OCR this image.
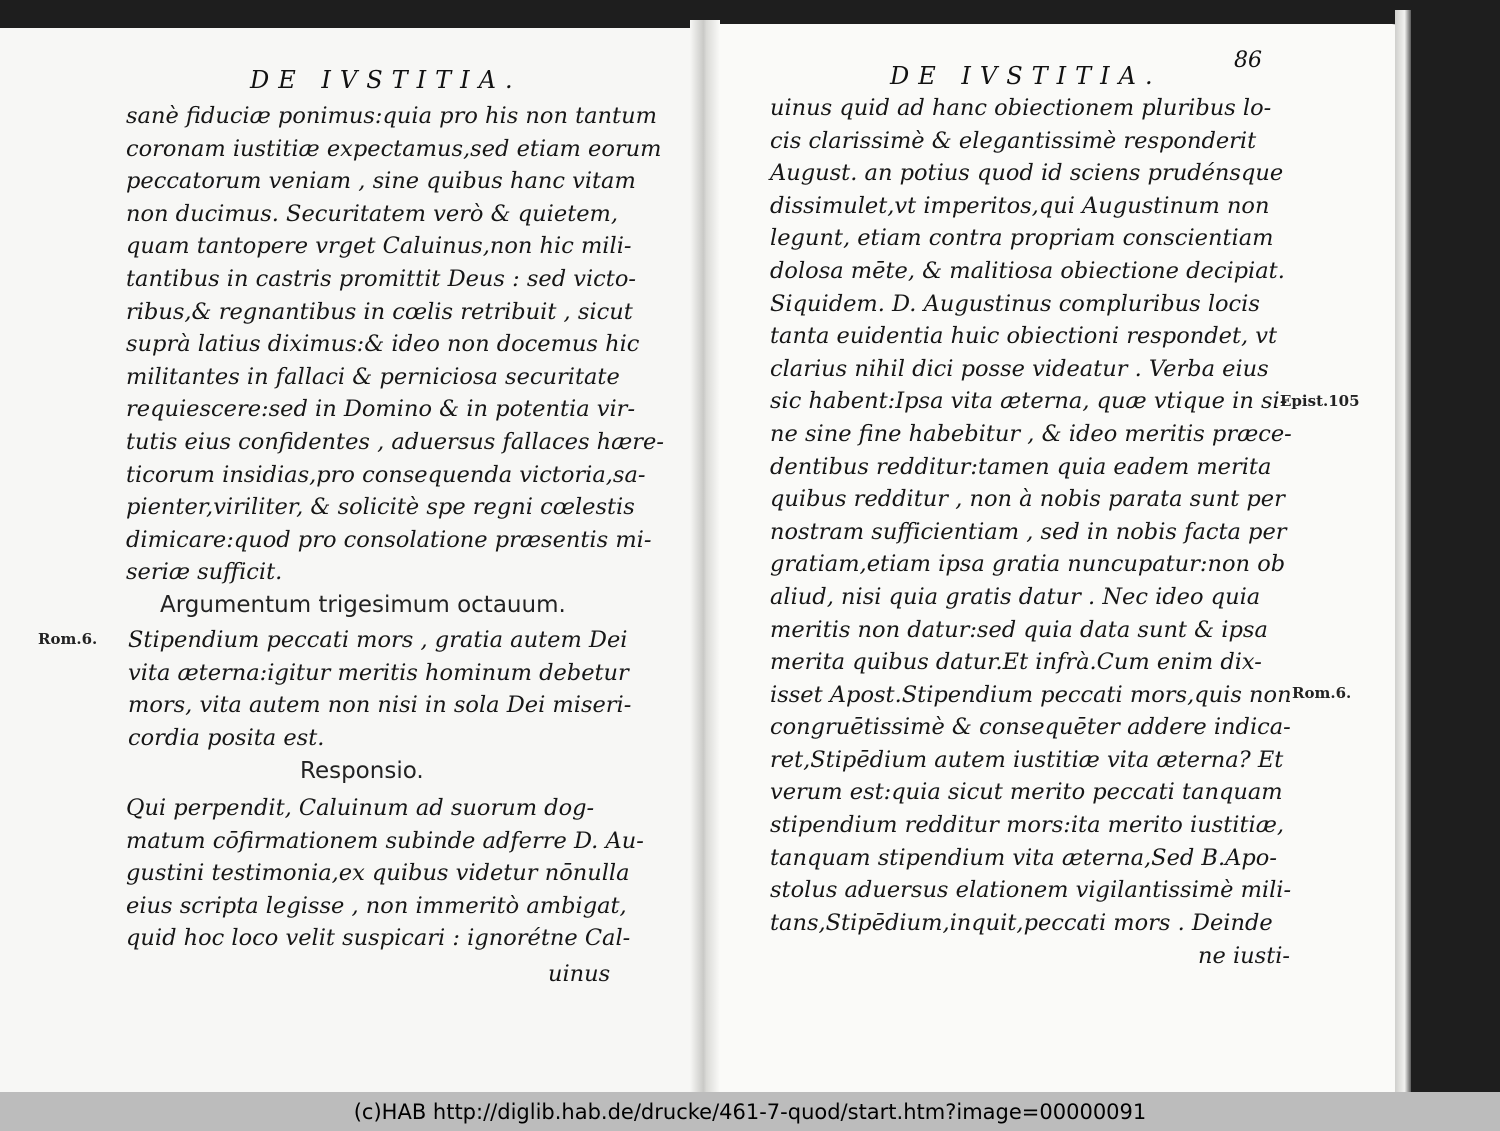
DE IVSTITIA.
sanè fiduciæ ponimus:quia pro his non tantum
coronam iustitiæ expectamus,sed etiam eorum
peccatorum veniam , sine quibus hanc vitam
non ducimus. Securitatem verò & quietem,
quam tantopere vrget Caluinus,non hic mili-
tantibus in castris promittit Deus : sed victo-
ribus,& regnantibus in cœlis retribuit , sicut
suprà latius diximus:& ideo non docemus hic
militantes in fallaci & perniciosa securitate
requiescere:sed in Domino & in potentia vir-
tutis eius confidentes , aduersus fallaces hære-
ticorum insidias,pro consequenda victoria,sa-
pienter,viriliter, & solicitè spe regni cœlestis
dimicare:quod pro consolatione præsentis mi-
seriæ sufficit.
Argumentum trigesimum octauum.
Rom.6. Stipendium peccati mors , gratia autem Dei
vita æterna:igitur meritis hominum debetur
mors, vita autem non nisi in sola Dei miseri-
cordia posita est.
Responsio.
Qui perpendit, Caluinum ad suorum dog-
matum cōfirmationem subinde adferre D. Au-
gustini testimonia,ex quibus videtur nōnulla
eius scripta legisse , non immeritò ambigat,
quid hoc loco velit suspicari : ignorétne Cal-
uinus
DE IVSTITIA.
86
uinus quid ad hanc obiectionem pluribus lo-
cis clarissimè & elegantissimè responderit
August. an potius quod id sciens prudénsque
dissimulet,vt imperitos,qui Augustinum non
legunt, etiam contra propriam conscientiam
dolosa mēte, & malitiosa obiectione decipiat.
Siquidem. D. Augustinus compluribus locis
tanta euidentia huic obiectioni respondet, vt
clarius nihil dici posse videatur . Verba eius
sic habent:Ipsa vita æterna, quæ vtique in si-
ne sine fine habebitur , & ideo meritis præce-
dentibus redditur:tamen quia eadem merita
quibus redditur , non à nobis parata sunt per
nostram sufficientiam , sed in nobis facta per
gratiam,etiam ipsa gratia nuncupatur:non ob
aliud, nisi quia gratis datur . Nec ideo quia
meritis non datur:sed quia data sunt & ipsa
merita quibus datur.Et infrà.Cum enim dix-
isset Apost.Stipendium peccati mors,quis non
congruētissimè & consequēter addere indica-
ret,Stipēdium autem iustitiæ vita æterna? Et
verum est:quia sicut merito peccati tanquam
stipendium redditur mors:ita merito iustitiæ,
tanquam stipendium vita æterna,Sed B.Apo-
stolus aduersus elationem vigilantissimè mili-
tans,Stipēdium,inquit,peccati mors . Deinde
ne iusti-
Epist.105
Rom.6.
(c)HAB http://diglib.hab.de/drucke/461-7-quod/start.htm?image=00000091
